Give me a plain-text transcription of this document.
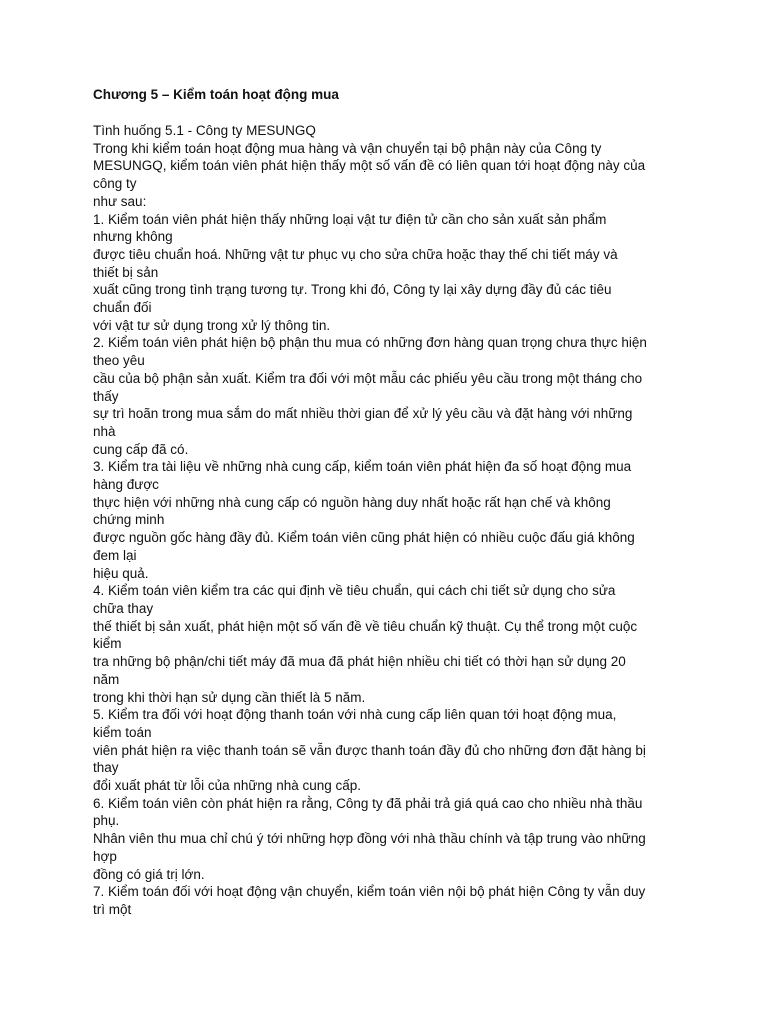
Chương 5 – Kiểm toán hoạt động mua

Tình huống 5.1 - Công ty MESUNGQ

Trong khi kiểm toán hoạt động mua hàng và vận chuyển tại bộ phận này của Công ty

MESUNGQ, kiểm toán viên phát hiện thấy một số vấn đề có liên quan tới hoạt động này của

công ty

như sau:

1. Kiểm toán viên phát hiện thấy những loại vật tư điện tử cần cho sản xuất sản phẩm

nhưng không

được tiêu chuẩn hoá. Những vật tư phục vụ cho sửa chữa hoặc thay thế chi tiết máy và

thiết bị sản

xuất cũng trong tình trạng tương tự. Trong khi đó, Công ty lại xây dựng đầy đủ các tiêu

chuẩn đối

với vật tư sử dụng trong xử lý thông tin.

2. Kiểm toán viên phát hiện bộ phận thu mua có những đơn hàng quan trọng chưa thực hiện

theo yêu

cầu của bộ phận sản xuất. Kiểm tra đối với một mẫu các phiếu yêu cầu trong một tháng cho

thấy

sự trì hoãn trong mua sắm do mất nhiều thời gian để xử lý yêu cầu và đặt hàng với những

nhà

cung cấp đã có.

3. Kiểm tra tài liệu về những nhà cung cấp, kiểm toán viên phát hiện đa số hoạt động mua

hàng được

thực hiện với những nhà cung cấp có nguồn hàng duy nhất hoặc rất hạn chế và không

chứng minh

được nguồn gốc hàng đầy đủ. Kiểm toán viên cũng phát hiện có nhiều cuộc đấu giá không

đem lại

hiệu quả.

4. Kiểm toán viên kiểm tra các qui định về tiêu chuẩn, qui cách chi tiết sử dụng cho sửa

chữa thay

thế thiết bị sản xuất, phát hiện một số vấn đề về tiêu chuẩn kỹ thuật. Cụ thể trong một cuộc

kiểm

tra những bộ phận/chi tiết máy đã mua đã phát hiện nhiều chi tiết có thời hạn sử dụng 20

năm

trong khi thời hạn sử dụng cần thiết là 5 năm.

5. Kiểm tra đối với hoạt động thanh toán với nhà cung cấp liên quan tới hoạt động mua,

kiểm toán

viên phát hiện ra việc thanh toán sẽ vẫn được thanh toán đầy đủ cho những đơn đặt hàng bị

thay

đổi xuất phát từ lỗi của những nhà cung cấp.

6. Kiểm toán viên còn phát hiện ra rằng, Công ty đã phải trả giá quá cao cho nhiều nhà thầu

phụ.

Nhân viên thu mua chỉ chú ý tới những hợp đồng với nhà thầu chính và tập trung vào những

hợp

đồng có giá trị lớn.

7. Kiểm toán đối với hoạt động vận chuyển, kiểm toán viên nội bộ phát hiện Công ty vẫn duy

trì một
